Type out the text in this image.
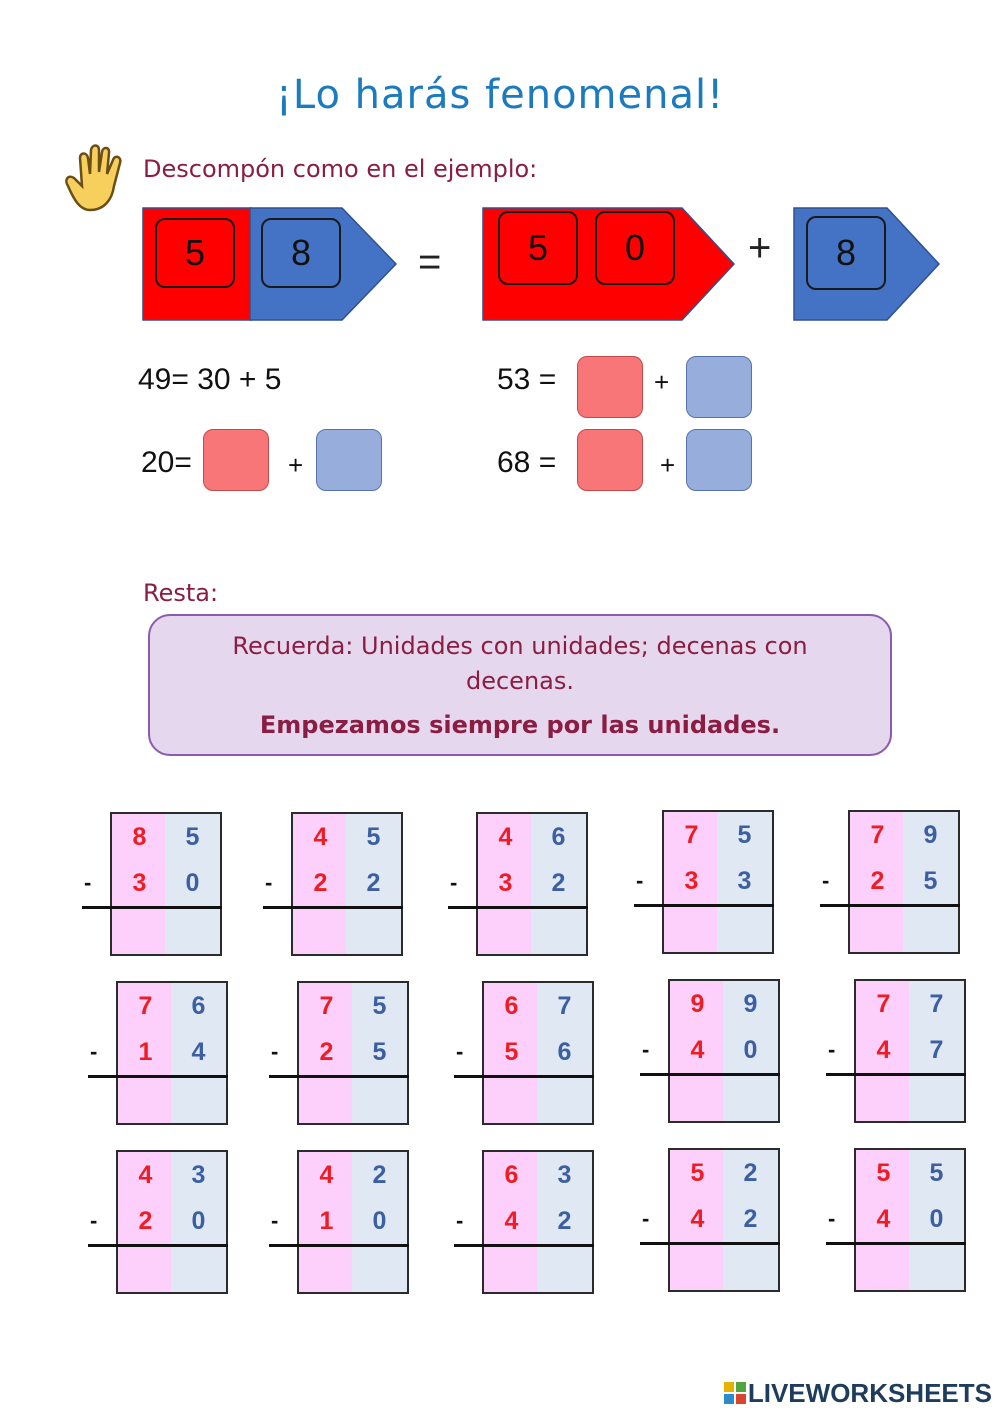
¡Lo harás fenomenal!
Descompón como en el ejemplo:
5	8	=	5	0	+	8
49= 30 + 5	53 =	+
20=	+	68 =	+
Resta:
Recuerda: Unidades con unidades; decenas con decenas.
Empezamos siempre por las unidades.
8	5
3	0
-
4	5
2	2
-
4	6
3	2
-
7	5
3	3
-
7	9
2	5
-
7	6
1	4
-
7	5
2	5
-
6	7
5	6
-
9	9
4	0
-
7	7
4	7
-
4	3
2	0
-
4	2
1	0
-
6	3
4	2
-
5	2
4	2
-
5	5
4	0
-
LIVEWORKSHEETS
